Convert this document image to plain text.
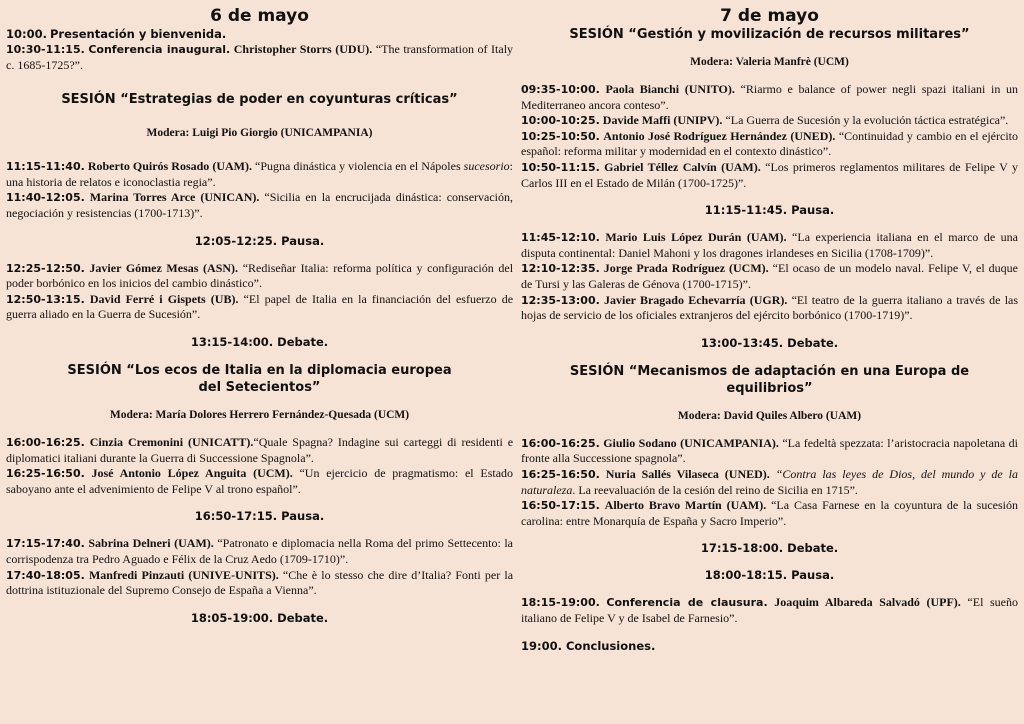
6 de mayo
10:00. Presentación y bienvenida.
10:30-11:15. Conferencia inaugural. Christopher Storrs (UDU). “The transformation of Italy c. 1685-1725?”.
SESIÓN “Estrategias de poder en coyunturas críticas”
Modera: Luigi Pio Giorgio (UNICAMPANIA)
11:15-11:40. Roberto Quirós Rosado (UAM). “Pugna dinástica y violencia en el Nápoles sucesorio: una historia de relatos e iconoclastia regia”.
11:40-12:05. Marina Torres Arce (UNICAN). “Sicilia en la encrucijada dinástica: conservación, negociación y resistencias (1700-1713)”.
12:05-12:25. Pausa.
12:25-12:50. Javier Gómez Mesas (ASN). “Rediseñar Italia: reforma política y configuración del poder borbónico en los inicios del cambio dinástico”.
12:50-13:15. David Ferré i Gispets (UB). “El papel de Italia en la financiación del esfuerzo de guerra aliado en la Guerra de Sucesión”.
13:15-14:00. Debate.
SESIÓN “Los ecos de Italia en la diplomacia europea
del Setecientos”
Modera: María Dolores Herrero Fernández-Quesada (UCM)
16:00-16:25. Cinzia Cremonini (UNICATT).“Quale Spagna? Indagine sui carteggi di residenti e diplomatici italiani durante la Guerra di Successione Spagnola”.
16:25-16:50. José Antonio López Anguita (UCM). “Un ejercicio de pragmatismo: el Estado saboyano ante el advenimiento de Felipe V al trono español”.
16:50-17:15. Pausa.
17:15-17:40. Sabrina Delneri (UAM). “Patronato e diplomacia nella Roma del primo Settecento: la corrispodenza tra Pedro Aguado e Félix de la Cruz Aedo (1709-1710)”.
17:40-18:05. Manfredi Pinzauti (UNIVE-UNITS). “Che è lo stesso che dire d’Italia? Fonti per la dottrina istituzionale del Supremo Consejo de España a Vienna”.
18:05-19:00. Debate.
7 de mayo
SESIÓN “Gestión y movilización de recursos militares”
Modera: Valeria Manfrè (UCM)
09:35-10:00. Paola Bianchi (UNITO). “Riarmo e balance of power negli spazi italiani in un Mediterraneo ancora conteso”.
10:00-10:25. Davide Maffi (UNIPV). “La Guerra de Sucesión y la evolución táctica estratégica”.
10:25-10:50. Antonio José Rodríguez Hernández (UNED). “Continuidad y cambio en el ejército español: reforma militar y modernidad en el contexto dinástico”.
10:50-11:15. Gabriel Téllez Calvín (UAM). “Los primeros reglamentos militares de Felipe V y Carlos III en el Estado de Milán (1700-1725)”.
11:15-11:45. Pausa.
11:45-12:10. Mario Luis López Durán (UAM). “La experiencia italiana en el marco de una disputa continental: Daniel Mahoni y los dragones irlandeses en Sicilia (1708-1709)”.
12:10-12:35. Jorge Prada Rodríguez (UCM). “El ocaso de un modelo naval. Felipe V, el duque de Tursi y las Galeras de Génova (1700-1715)”.
12:35-13:00. Javier Bragado Echevarría (UGR). “El teatro de la guerra italiano a través de las hojas de servicio de los oficiales extranjeros del ejército borbónico (1700-1719)”.
13:00-13:45. Debate.
SESIÓN “Mecanismos de adaptación en una Europa de
equilibrios”
Modera: David Quiles Albero (UAM)
16:00-16:25. Giulio Sodano (UNICAMPANIA). “La fedeltà spezzata: l’aristocracia napoletana di fronte alla Successione spagnola”.
16:25-16:50. Nuria Sallés Vilaseca (UNED). “Contra las leyes de Dios, del mundo y de la naturaleza. La reevaluación de la cesión del reino de Sicilia en 1715”.
16:50-17:15. Alberto Bravo Martín (UAM). “La Casa Farnese en la coyuntura de la sucesión carolina: entre Monarquía de España y Sacro Imperio”.
17:15-18:00. Debate.
18:00-18:15. Pausa.
18:15-19:00. Conferencia de clausura. Joaquim Albareda Salvadó (UPF). “El sueño italiano de Felipe V y de Isabel de Farnesio”.
19:00. Conclusiones.
